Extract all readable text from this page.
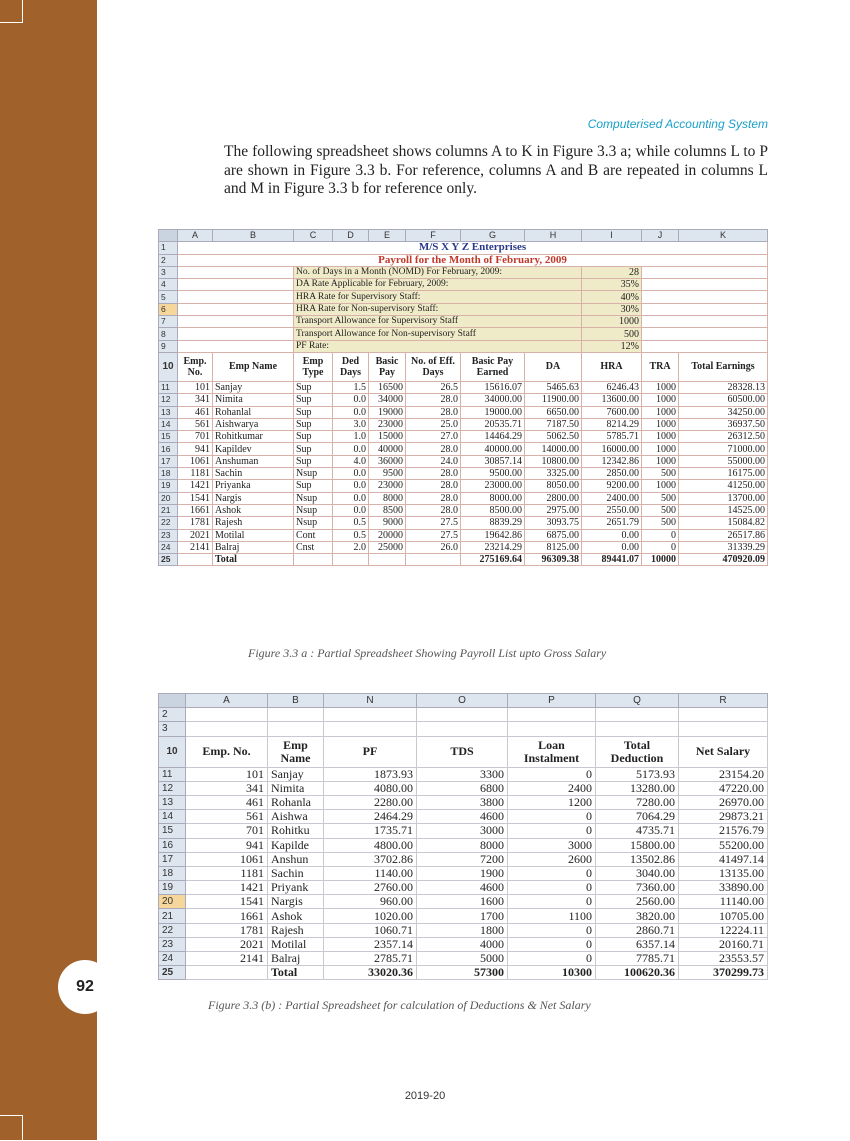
92
Computerised Accounting System
The following spreadsheet shows columns A to K in Figure 3.3 a; while columns L to P are shown in Figure 3.3 b. For reference, columns A and B are repeated in columns L and M in Figure 3.3 b for reference only.
	A	B	C	D	E	F	G	H	I	J	K
1	M/S X Y Z Enterprises										
2	Payroll for the Month of February, 2009										
3			No. of Days in a Month (NOMD) For February, 2009:						28		
4			DA Rate Applicable for February, 2009:						35%		
5			HRA Rate for Supervisory Staff:						40%		
6			HRA Rate for Non-supervisory Staff:						30%		
7			Transport Allowance for Supervisory Staff						1000		
8			Transport Allowance for Non-supervisory Staff						500		
9			PF Rate:						12%		
10	Emp. No.	Emp Name	Emp Type	Ded Days	Basic Pay	No. of Eff. Days	Basic Pay Earned	DA	HRA	TRA	Total Earnings
11	101	Sanjay	Sup	1.5	16500	26.5	15616.07	5465.63	6246.43	1000	28328.13
12	341	Nimita	Sup	0.0	34000	28.0	34000.00	11900.00	13600.00	1000	60500.00
13	461	Rohanlal	Sup	0.0	19000	28.0	19000.00	6650.00	7600.00	1000	34250.00
14	561	Aishwarya	Sup	3.0	23000	25.0	20535.71	7187.50	8214.29	1000	36937.50
15	701	Rohitkumar	Sup	1.0	15000	27.0	14464.29	5062.50	5785.71	1000	26312.50
16	941	Kapildev	Sup	0.0	40000	28.0	40000.00	14000.00	16000.00	1000	71000.00
17	1061	Anshuman	Sup	4.0	36000	24.0	30857.14	10800.00	12342.86	1000	55000.00
18	1181	Sachin	Nsup	0.0	9500	28.0	9500.00	3325.00	2850.00	500	16175.00
19	1421	Priyanka	Sup	0.0	23000	28.0	23000.00	8050.00	9200.00	1000	41250.00
20	1541	Nargis	Nsup	0.0	8000	28.0	8000.00	2800.00	2400.00	500	13700.00
21	1661	Ashok	Nsup	0.0	8500	28.0	8500.00	2975.00	2550.00	500	14525.00
22	1781	Rajesh	Nsup	0.5	9000	27.5	8839.29	3093.75	2651.79	500	15084.82
23	2021	Motilal	Cont	0.5	20000	27.5	19642.86	6875.00	0.00	0	26517.86
24	2141	Balraj	Cnst	2.0	25000	26.0	23214.29	8125.00	0.00	0	31339.29
25		Total					275169.64	96309.38	89441.07	10000	470920.09
Figure 3.3 a : Partial Spreadsheet Showing Payroll List upto Gross Salary
	A	B	N	O	P	Q	R
2							
3							
10	Emp. No.	Emp Name	PF	TDS	Loan Instalment	Total Deduction	Net Salary
11	101	Sanjay	1873.93	3300	0	5173.93	23154.20
12	341	Nimita	4080.00	6800	2400	13280.00	47220.00
13	461	Rohanla	2280.00	3800	1200	7280.00	26970.00
14	561	Aishwa	2464.29	4600	0	7064.29	29873.21
15	701	Rohitku	1735.71	3000	0	4735.71	21576.79
16	941	Kapilde	4800.00	8000	3000	15800.00	55200.00
17	1061	Anshun	3702.86	7200	2600	13502.86	41497.14
18	1181	Sachin	1140.00	1900	0	3040.00	13135.00
19	1421	Priyank	2760.00	4600	0	7360.00	33890.00
20	1541	Nargis	960.00	1600	0	2560.00	11140.00
21	1661	Ashok	1020.00	1700	1100	3820.00	10705.00
22	1781	Rajesh	1060.71	1800	0	2860.71	12224.11
23	2021	Motilal	2357.14	4000	0	6357.14	20160.71
24	2141	Balraj	2785.71	5000	0	7785.71	23553.57
25		Total	33020.36	57300	10300	100620.36	370299.73
Figure 3.3 (b) : Partial Spreadsheet for calculation of Deductions & Net Salary
2019-20
